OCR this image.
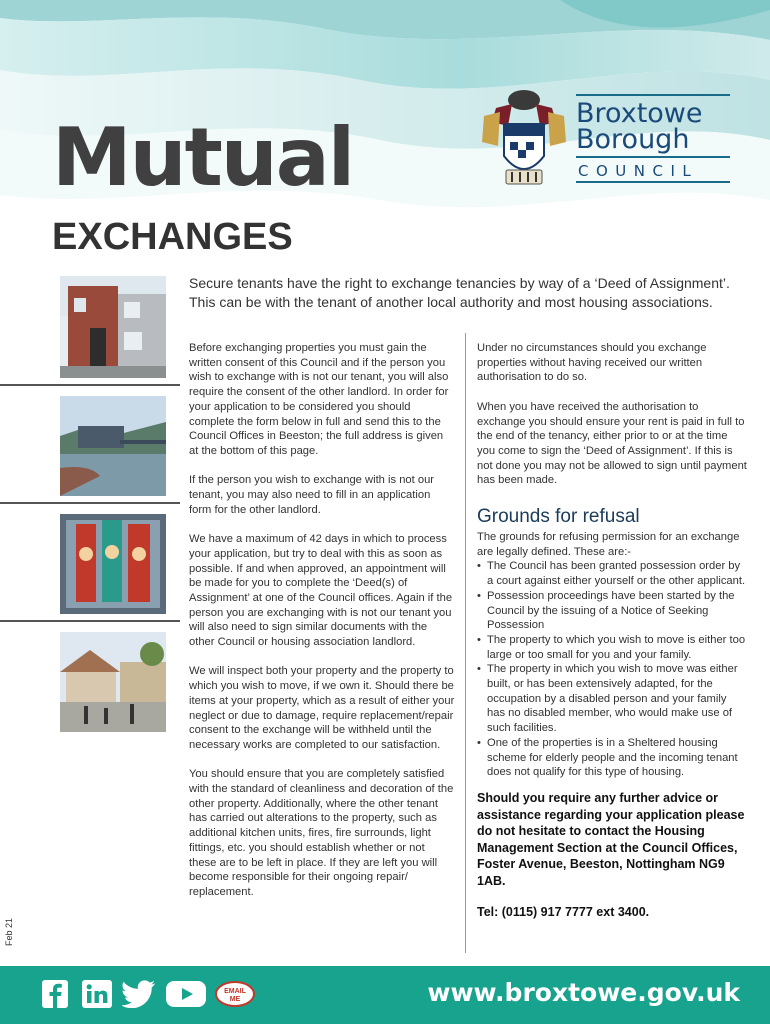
Mutual
EXCHANGES
Broxtowe
Borough
COUNCIL

Secure tenants have the right to exchange tenancies by way of a ‘Deed of Assignment’. This can be with the tenant of another local authority and most housing associations.

Before exchanging properties you must gain the written consent of this Council and if the person you wish to exchange with is not our tenant, you will also require the consent of the other landlord. In order for your application to be considered you should complete the form below in full and send this to the Council Offices in Beeston; the full address is given at the bottom of this page.

If the person you wish to exchange with is not our tenant, you may also need to fill in an application form for the other landlord.

We have a maximum of 42 days in which to process your application, but try to deal with this as soon as possible. If and when approved, an appointment will be made for you to complete the ‘Deed(s) of Assignment’ at one of the Council offices. Again if the person you are exchanging with is not our tenant you will also need to sign similar documents with the other Council or housing association landlord.

We will inspect both your property and the property to which you wish to move, if we own it. Should there be items at your property, which as a result of either your neglect or due to damage, require replacement/repair consent to the exchange will be withheld until the necessary works are completed to our satisfaction.

You should ensure that you are completely satisfied with the standard of cleanliness and decoration of the other property. Additionally, where the other tenant has carried out alterations to the property, such as additional kitchen units, fires, fire surrounds, light fittings, etc. you should establish whether or not these are to be left in place. If they are left you will become responsible for their ongoing repair/ replacement.

Under no circumstances should you exchange properties without having received our written authorisation to do so.

When you have received the authorisation to exchange you should ensure your rent is paid in full to the end of the tenancy, either prior to or at the time you come to sign the ‘Deed of Assignment’. If this is not done you may not be allowed to sign until payment has been made.

Grounds for refusal
The grounds for refusing permission for an exchange are legally defined. These are:-
• The Council has been granted possession order by a court against either yourself or the other applicant.
• Possession proceedings have been started by the Council by the issuing of a Notice of Seeking Possession
• The property to which you wish to move is either too large or too small for you and your family.
• The property in which you wish to move was either built, or has been extensively adapted, for the occupation by a disabled person and your family has no disabled member, who would make use of such facilities.
• One of the properties is in a Sheltered housing scheme for elderly people and the incoming tenant does not qualify for this type of housing.

Should you require any further advice or assistance regarding your application please do not hesitate to contact the Housing Management Section at the Council Offices, Foster Avenue, Beeston, Nottingham NG9 1AB.

Tel: (0115) 917 7777 ext 3400.

Feb 21
EMAIL
ME	www.broxtowe.gov.uk
